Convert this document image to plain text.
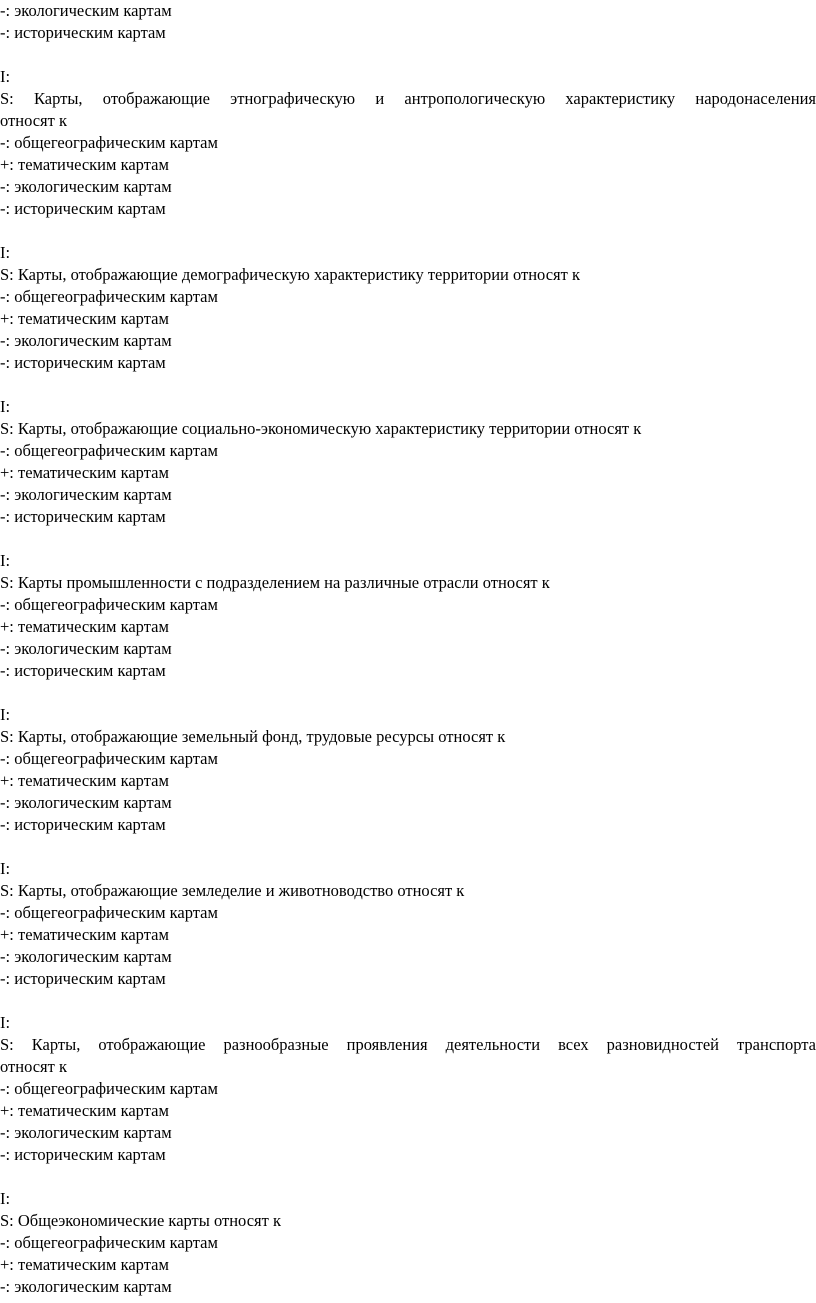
-: экологическим картам
-: историческим картам
I:
S: Карты, отображающие этнографическую и антропологическую характеристику народонаселения
относят к
-: общегеографическим картам
+: тематическим картам
-: экологическим картам
-: историческим картам
I:
S: Карты, отображающие демографическую характеристику территории относят к
-: общегеографическим картам
+: тематическим картам
-: экологическим картам
-: историческим картам
I:
S: Карты, отображающие социально-экономическую характеристику территории относят к
-: общегеографическим картам
+: тематическим картам
-: экологическим картам
-: историческим картам
I:
S: Карты промышленности с подразделением на различные отрасли относят к
-: общегеографическим картам
+: тематическим картам
-: экологическим картам
-: историческим картам
I:
S: Карты, отображающие земельный фонд, трудовые ресурсы относят к
-: общегеографическим картам
+: тематическим картам
-: экологическим картам
-: историческим картам
I:
S: Карты, отображающие земледелие и животноводство относят к
-: общегеографическим картам
+: тематическим картам
-: экологическим картам
-: историческим картам
I:
S: Карты, отображающие разнообразные проявления деятельности всех разновидностей транспорта
относят к
-: общегеографическим картам
+: тематическим картам
-: экологическим картам
-: историческим картам
I:
S: Общеэкономические карты относят к
-: общегеографическим картам
+: тематическим картам
-: экологическим картам
